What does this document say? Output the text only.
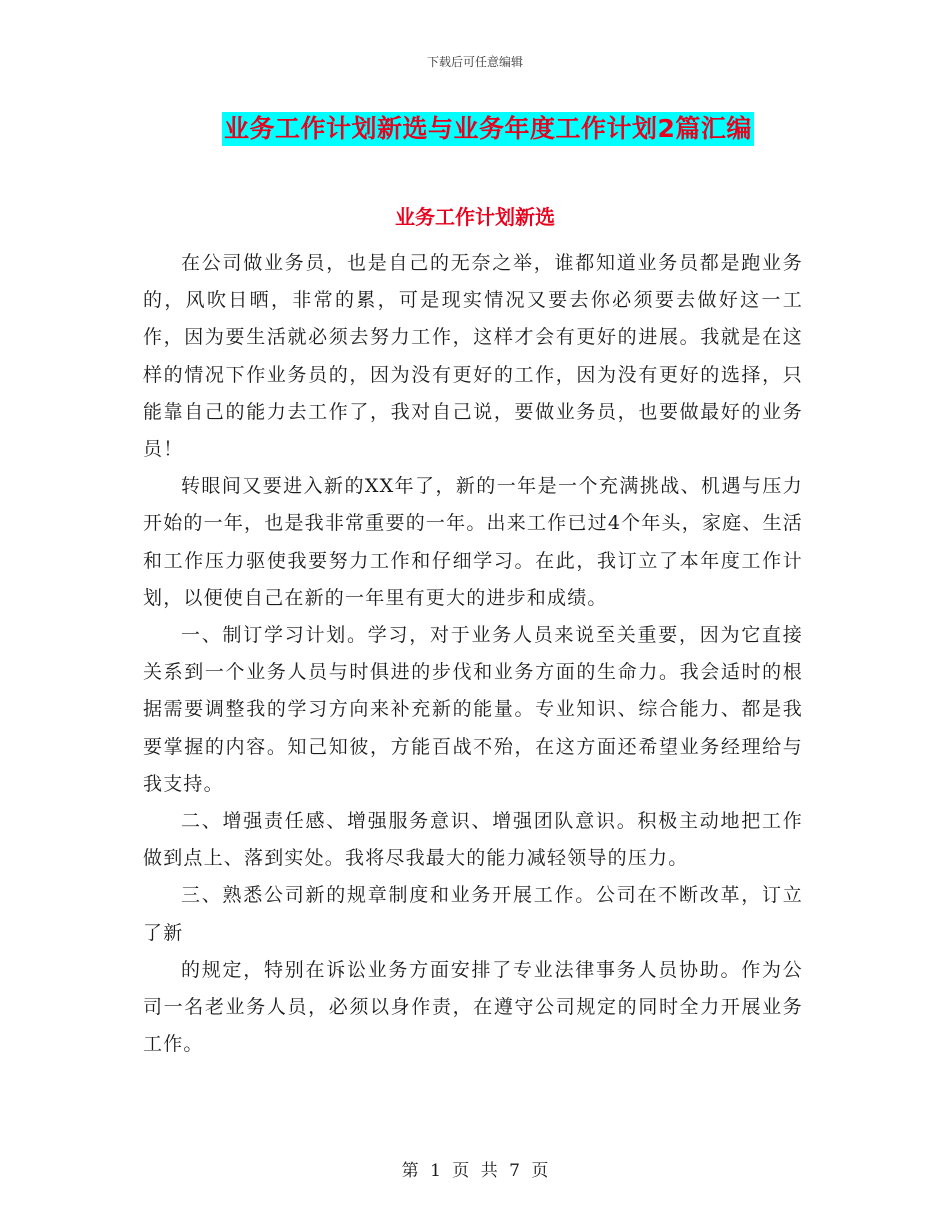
下载后可任意编辑
业务工作计划新选与业务年度工作计划2篇汇编
业务工作计划新选

在公司做业务员，也是自己的无奈之举，谁都知道业务员都是跑业务的，风吹日晒，非常的累，可是现实情况又要去你必须要去做好这一工作，因为要生活就必须去努力工作，这样才会有更好的进展。我就是在这样的情况下作业务员的，因为没有更好的工作，因为没有更好的选择，只能靠自己的能力去工作了，我对自己说，要做业务员，也要做最好的业务员！

转眼间又要进入新的XX年了，新的一年是一个充满挑战、机遇与压力开始的一年，也是我非常重要的一年。出来工作已过4个年头，家庭、生活和工作压力驱使我要努力工作和仔细学习。在此，我订立了本年度工作计划，以便使自己在新的一年里有更大的进步和成绩。

一、制订学习计划。学习，对于业务人员来说至关重要，因为它直接关系到一个业务人员与时俱进的步伐和业务方面的生命力。我会适时的根据需要调整我的学习方向来补充新的能量。专业知识、综合能力、都是我要掌握的内容。知己知彼，方能百战不殆，在这方面还希望业务经理给与我支持。

二、增强责任感、增强服务意识、增强团队意识。积极主动地把工作做到点上、落到实处。我将尽我最大的能力减轻领导的压力。

三、熟悉公司新的规章制度和业务开展工作。公司在不断改革，订立了新

的规定，特别在诉讼业务方面安排了专业法律事务人员协助。作为公司一名老业务人员，必须以身作责，在遵守公司规定的同时全力开展业务工作。

第 1 页 共 7 页
